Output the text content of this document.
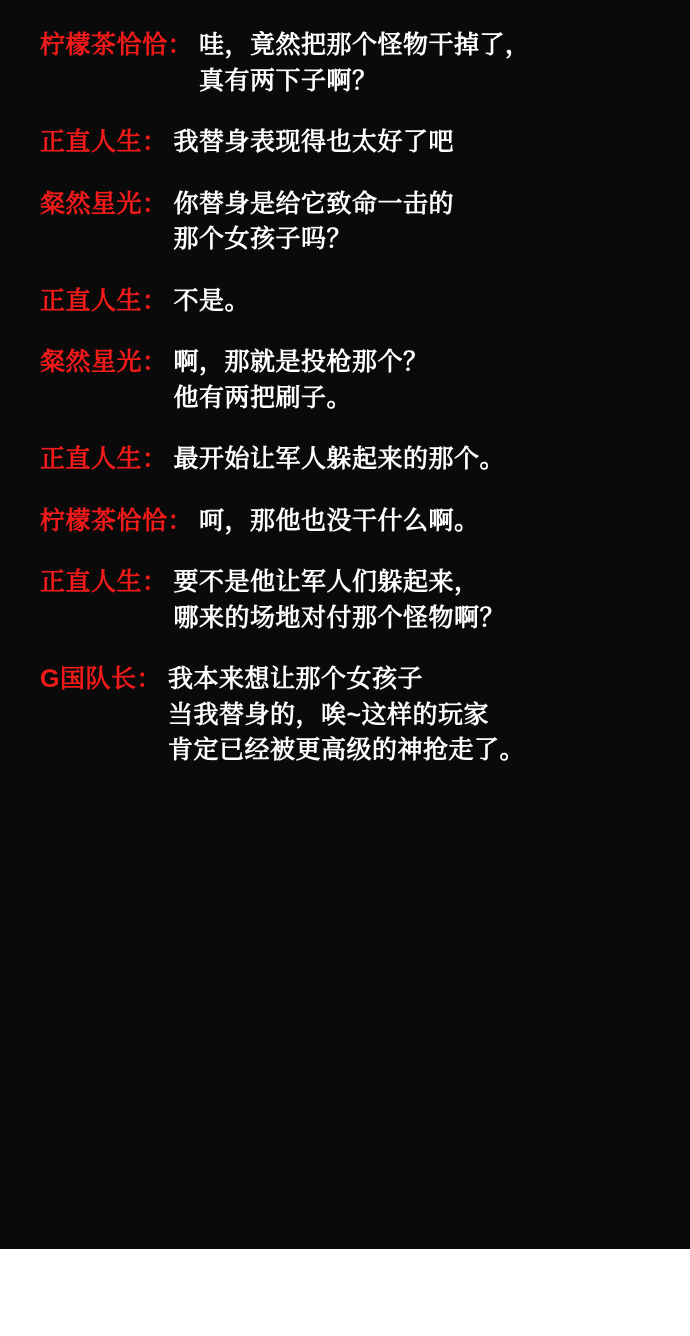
柠檬茶恰恰： 哇，竟然把那个怪物干掉了，
真有两下子啊？
正直人生： 我替身表现得也太好了吧
粲然星光： 你替身是给它致命一击的
那个女孩子吗？
正直人生： 不是。
粲然星光： 啊，那就是投枪那个？
他有两把刷子。
正直人生： 最开始让军人躲起来的那个。
柠檬茶恰恰： 呵，那他也没干什么啊。
正直人生： 要不是他让军人们躲起来，
哪来的场地对付那个怪物啊？
G国队长： 我本来想让那个女孩子
当我替身的，唉~这样的玩家
肯定已经被更高级的神抢走了。
